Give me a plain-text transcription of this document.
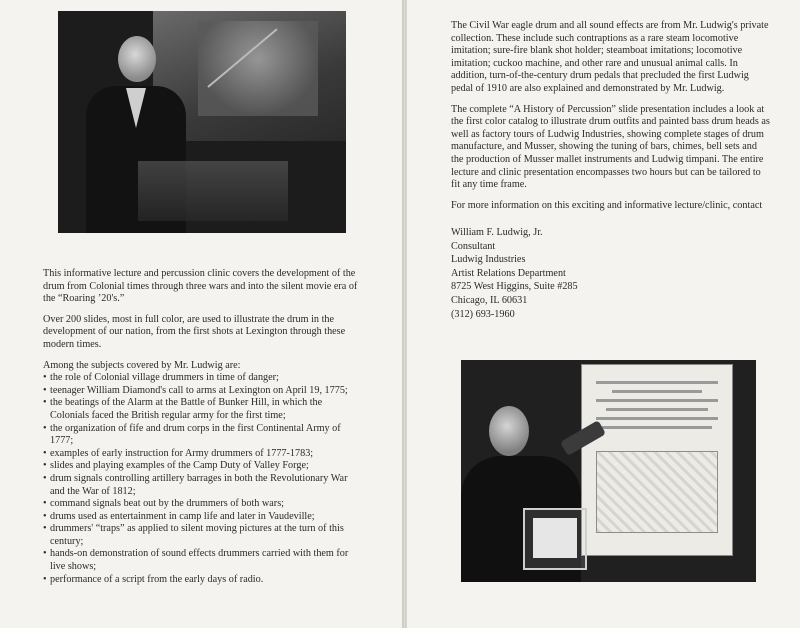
This informative lecture and percussion clinic covers the development of the drum from Colonial times through three wars and into the silent movie era of the “Roaring ’20's.”

Over 200 slides, most in full color, are used to illustrate the drum in the development of our nation, from the first shots at Lexington through these modern times.

Among the subjects covered by Mr. Ludwig are:

• the role of Colonial village drummers in time of danger;
• teenager William Diamond's call to arms at Lexington on April 19, 1775;
• the beatings of the Alarm at the Battle of Bunker Hill, in which the Colonials faced the British regular army for the first time;
• the organization of fife and drum corps in the first Continental Army of 1777;
• examples of early instruction for Army drummers of 1777-1783;
• slides and playing examples of the Camp Duty of Valley Forge;
• drum signals controlling artillery barrages in both the Revolutionary War and the War of 1812;
• command signals beat out by the drummers of both wars;
• drums used as entertainment in camp life and later in Vaudeville;
• drummers' “traps” as applied to silent moving pictures at the turn of this century;
• hands-on demonstration of sound effects drummers carried with them for live shows;
• performance of a script from the early days of radio.

The Civil War eagle drum and all sound effects are from Mr. Ludwig's private collection. These include such contraptions as a rare steam locomotive imitation; sure-fire blank shot holder; steamboat imitations; locomotive imitation; cuckoo machine, and other rare and unusual animal calls. In addition, turn-of-the-century drum pedals that precluded the first Ludwig pedal of 1910 are also explained and demonstrated by Mr. Ludwig.

The complete “A History of Percussion” slide presentation includes a look at the first color catalog to illustrate drum outfits and painted bass drum heads as well as factory tours of Ludwig Industries, showing complete stages of drum manufacture, and Musser, showing the tuning of bars, chimes, bell sets and the production of Musser mallet instruments and Ludwig timpani. The entire lecture and clinic presentation encompasses two hours but can be tailored to fit any time frame.

For more information on this exciting and informative lecture/clinic, contact

William F. Ludwig, Jr.
Consultant
Ludwig Industries
Artist Relations Department
8725 West Higgins, Suite #285
Chicago, IL 60631
(312) 693-1960
